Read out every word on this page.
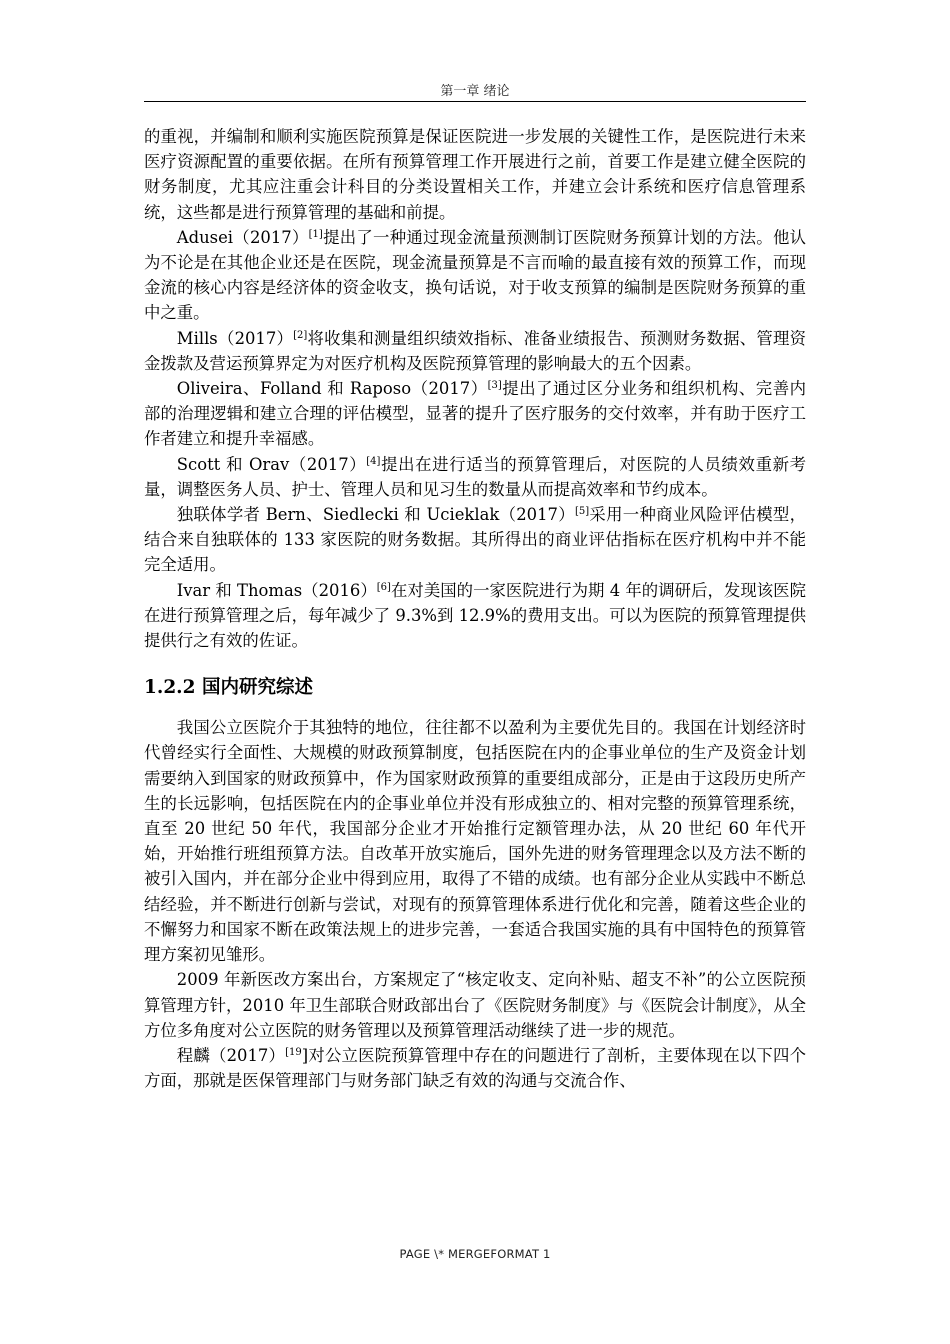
第一章 绪论

的重视，并编制和顺利实施医院预算是保证医院进一步发展的关键性工作，是医院进行未来医疗资源配置的重要依据。在所有预算管理工作开展进行之前，首要工作是建立健全医院的财务制度，尤其应注重会计科目的分类设置相关工作，并建立会计系统和医疗信息管理系统，这些都是进行预算管理的基础和前提。

Adusei（2017）[1]提出了一种通过现金流量预测制订医院财务预算计划的方法。他认为不论是在其他企业还是在医院，现金流量预算是不言而喻的最直接有效的预算工作，而现金流的核心内容是经济体的资金收支，换句话说，对于收支预算的编制是医院财务预算的重中之重。

Mills（2017）[2]将收集和测量组织绩效指标、准备业绩报告、预测财务数据、管理资金拨款及营运预算界定为对医疗机构及医院预算管理的影响最大的五个因素。

Oliveira、Folland 和 Raposo（2017）[3]提出了通过区分业务和组织机构、完善内部的治理逻辑和建立合理的评估模型，显著的提升了医疗服务的交付效率，并有助于医疗工作者建立和提升幸福感。

Scott 和 Orav（2017）[4]提出在进行适当的预算管理后，对医院的人员绩效重新考量，调整医务人员、护士、管理人员和见习生的数量从而提高效率和节约成本。

独联体学者 Bern、Siedlecki 和 Ucieklak（2017）[5]采用一种商业风险评估模型，结合来自独联体的 133 家医院的财务数据。其所得出的商业评估指标在医疗机构中并不能完全适用。

Ivar 和 Thomas（2016）[6]在对美国的一家医院进行为期 4 年的调研后，发现该医院在进行预算管理之后，每年减少了 9.3%到 12.9%的费用支出。可以为医院的预算管理提供提供行之有效的佐证。

1.2.2 国内研究综述

我国公立医院介于其独特的地位，往往都不以盈利为主要优先目的。我国在计划经济时代曾经实行全面性、大规模的财政预算制度，包括医院在内的企事业单位的生产及资金计划需要纳入到国家的财政预算中，作为国家财政预算的重要组成部分，正是由于这段历史所产生的长远影响，包括医院在内的企事业单位并没有形成独立的、相对完整的预算管理系统，直至 20 世纪 50 年代，我国部分企业才开始推行定额管理办法，从 20 世纪 60 年代开始，开始推行班组预算方法。自改革开放实施后，国外先进的财务管理理念以及方法不断的被引入国内，并在部分企业中得到应用，取得了不错的成绩。也有部分企业从实践中不断总结经验，并不断进行创新与尝试，对现有的预算管理体系进行优化和完善，随着这些企业的不懈努力和国家不断在政策法规上的进步完善，一套适合我国实施的具有中国特色的预算管理方案初见雏形。

2009 年新医改方案出台，方案规定了“核定收支、定向补贴、超支不补”的公立医院预算管理方针，2010 年卫生部联合财政部出台了《医院财务制度》与《医院会计制度》，从全方位多角度对公立医院的财务管理以及预算管理活动继续了进一步的规范。

程麟$(2017)^{[19}$]对公立医院预算管理中存在的问题进行了剖析，主要体现在以下四个方面，那就是医保管理部门与财务部门缺乏有效的沟通与交流合作、

PAGE \* MERGEFORMAT 1
